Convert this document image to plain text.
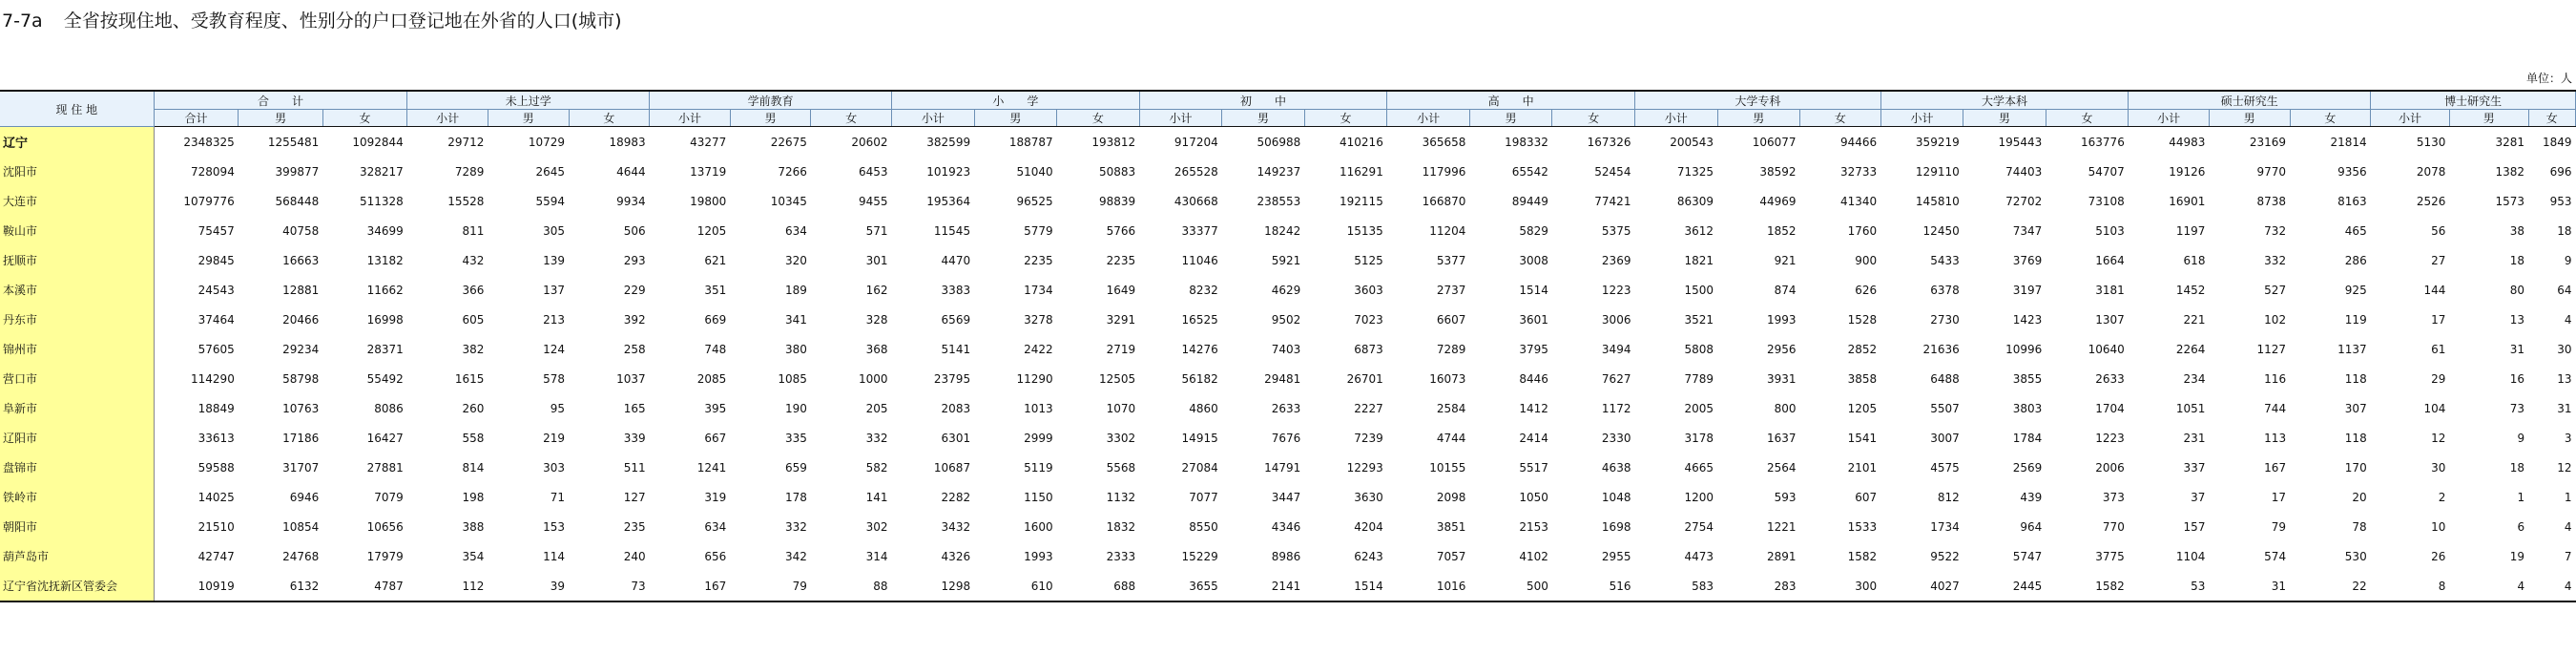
7-7a 全省按现住地、受教育程度、性别分的户口登记地在外省的人口(城市)
单位：人
现 住 地	合　　计			未上过学			学前教育			小　　学			初　　中			高　　中			大学专科			大学本科			硕士研究生			博士研究生		
	合计	男	女	小计	男	女	小计	男	女	小计	男	女	小计	男	女	小计	男	女	小计	男	女	小计	男	女	小计	男	女	小计	男	女
辽宁	2348325	1255481	1092844	29712	10729	18983	43277	22675	20602	382599	188787	193812	917204	506988	410216	365658	198332	167326	200543	106077	94466	359219	195443	163776	44983	23169	21814	5130	3281	1849
沈阳市	728094	399877	328217	7289	2645	4644	13719	7266	6453	101923	51040	50883	265528	149237	116291	117996	65542	52454	71325	38592	32733	129110	74403	54707	19126	9770	9356	2078	1382	696
大连市	1079776	568448	511328	15528	5594	9934	19800	10345	9455	195364	96525	98839	430668	238553	192115	166870	89449	77421	86309	44969	41340	145810	72702	73108	16901	8738	8163	2526	1573	953
鞍山市	75457	40758	34699	811	305	506	1205	634	571	11545	5779	5766	33377	18242	15135	11204	5829	5375	3612	1852	1760	12450	7347	5103	1197	732	465	56	38	18
抚顺市	29845	16663	13182	432	139	293	621	320	301	4470	2235	2235	11046	5921	5125	5377	3008	2369	1821	921	900	5433	3769	1664	618	332	286	27	18	9
本溪市	24543	12881	11662	366	137	229	351	189	162	3383	1734	1649	8232	4629	3603	2737	1514	1223	1500	874	626	6378	3197	3181	1452	527	925	144	80	64
丹东市	37464	20466	16998	605	213	392	669	341	328	6569	3278	3291	16525	9502	7023	6607	3601	3006	3521	1993	1528	2730	1423	1307	221	102	119	17	13	4
锦州市	57605	29234	28371	382	124	258	748	380	368	5141	2422	2719	14276	7403	6873	7289	3795	3494	5808	2956	2852	21636	10996	10640	2264	1127	1137	61	31	30
营口市	114290	58798	55492	1615	578	1037	2085	1085	1000	23795	11290	12505	56182	29481	26701	16073	8446	7627	7789	3931	3858	6488	3855	2633	234	116	118	29	16	13
阜新市	18849	10763	8086	260	95	165	395	190	205	2083	1013	1070	4860	2633	2227	2584	1412	1172	2005	800	1205	5507	3803	1704	1051	744	307	104	73	31
辽阳市	33613	17186	16427	558	219	339	667	335	332	6301	2999	3302	14915	7676	7239	4744	2414	2330	3178	1637	1541	3007	1784	1223	231	113	118	12	9	3
盘锦市	59588	31707	27881	814	303	511	1241	659	582	10687	5119	5568	27084	14791	12293	10155	5517	4638	4665	2564	2101	4575	2569	2006	337	167	170	30	18	12
铁岭市	14025	6946	7079	198	71	127	319	178	141	2282	1150	1132	7077	3447	3630	2098	1050	1048	1200	593	607	812	439	373	37	17	20	2	1	1
朝阳市	21510	10854	10656	388	153	235	634	332	302	3432	1600	1832	8550	4346	4204	3851	2153	1698	2754	1221	1533	1734	964	770	157	79	78	10	6	4
葫芦岛市	42747	24768	17979	354	114	240	656	342	314	4326	1993	2333	15229	8986	6243	7057	4102	2955	4473	2891	1582	9522	5747	3775	1104	574	530	26	19	7
辽宁省沈抚新区管委会	10919	6132	4787	112	39	73	167	79	88	1298	610	688	3655	2141	1514	1016	500	516	583	283	300	4027	2445	1582	53	31	22	8	4	4
